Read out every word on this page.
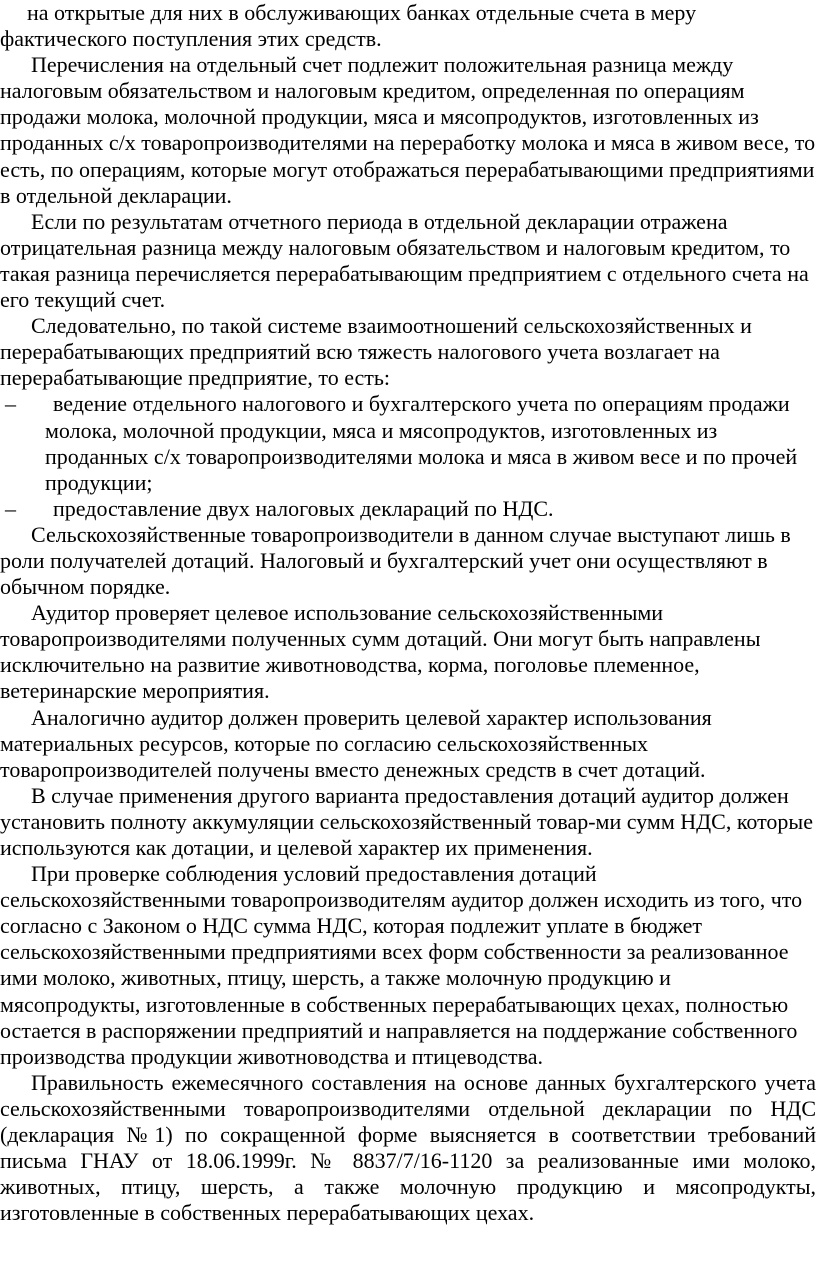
на открытые для них в обслуживающих банках отдельные счета в меру фактического поступления этих средств.

Перечисления на отдельный счет подлежит положительная разница между налоговым обязательством и налоговым кредитом, определенная по операциям продажи молока, молочной продукции, мяса и мясопродуктов, изготовленных из проданных с/х товаропроизводителями на переработку молока и мяса в живом весе, то есть, по операциям, которые могут отображаться перерабатывающими предприятиями в отдельной декларации.

Если по результатам отчетного периода в отдельной декларации отражена отрицательная разница между налоговым обязательством и налоговым кредитом, то такая разница перечисляется перерабатывающим предприятием с отдельного счета на его текущий счет.

Следовательно, по такой системе взаимоотношений сельскохозяйственных и перерабатывающих предприятий всю тяжесть налогового учета возлагает на перерабатывающие предприятие, то есть:

– ведение отдельного налогового и бухгалтерского учета по операциям продажи молока, молочной продукции, мяса и мясопродуктов, изготовленных из проданных с/х товаропроизводителями молока и мяса в живом весе и по прочей продукции;
– предоставление двух налоговых деклараций по НДС.

Сельскохозяйственные товаропроизводители в данном случае выступают лишь в роли получателей дотаций. Налоговый и бухгалтерский учет они осуществляют в обычном порядке.

Аудитор проверяет целевое использование сельскохозяйственными товаропроизводителями полученных сумм дотаций. Они могут быть направлены исключительно на развитие животноводства, корма, поголовье племенное, ветеринарские мероприятия.

Аналогично аудитор должен проверить целевой характер использования материальных ресурсов, которые по согласию сельскохозяйственных товаропроизводителей получены вместо денежных средств в счет дотаций.

В случае применения другого варианта предоставления дотаций аудитор должен установить полноту аккумуляции сельскохозяйственный товар-ми сумм НДС, которые используются как дотации, и целевой характер их применения.

При проверке соблюдения условий предоставления дотаций сельскохозяйственными товаропроизводителям аудитор должен исходить из того, что согласно с Законом о НДС сумма НДС, которая подлежит уплате в бюджет сельскохозяйственными предприятиями всех форм собственности за реализованное ими молоко, животных, птицу, шерсть, а также молочную продукцию и мясопродукты, изготовленные в собственных перерабатывающих цехах, полностью остается в распоряжении предприятий и направляется на поддержание собственного производства продукции животноводства и птицеводства.

Правильность ежемесячного составления на основе данных бухгалтерского учета сельскохозяйственными товаропроизводителями отдельной декларации по НДС (декларация №1) по сокращенной форме выясняется в соответствии требований письма ГНАУ от 18.06.1999г. № 8837/7/16-1120 за реализованные ими молоко, животных, птицу, шерсть, а также молочную продукцию и мясопродукты, изготовленные в собственных перерабатывающих цехах.
